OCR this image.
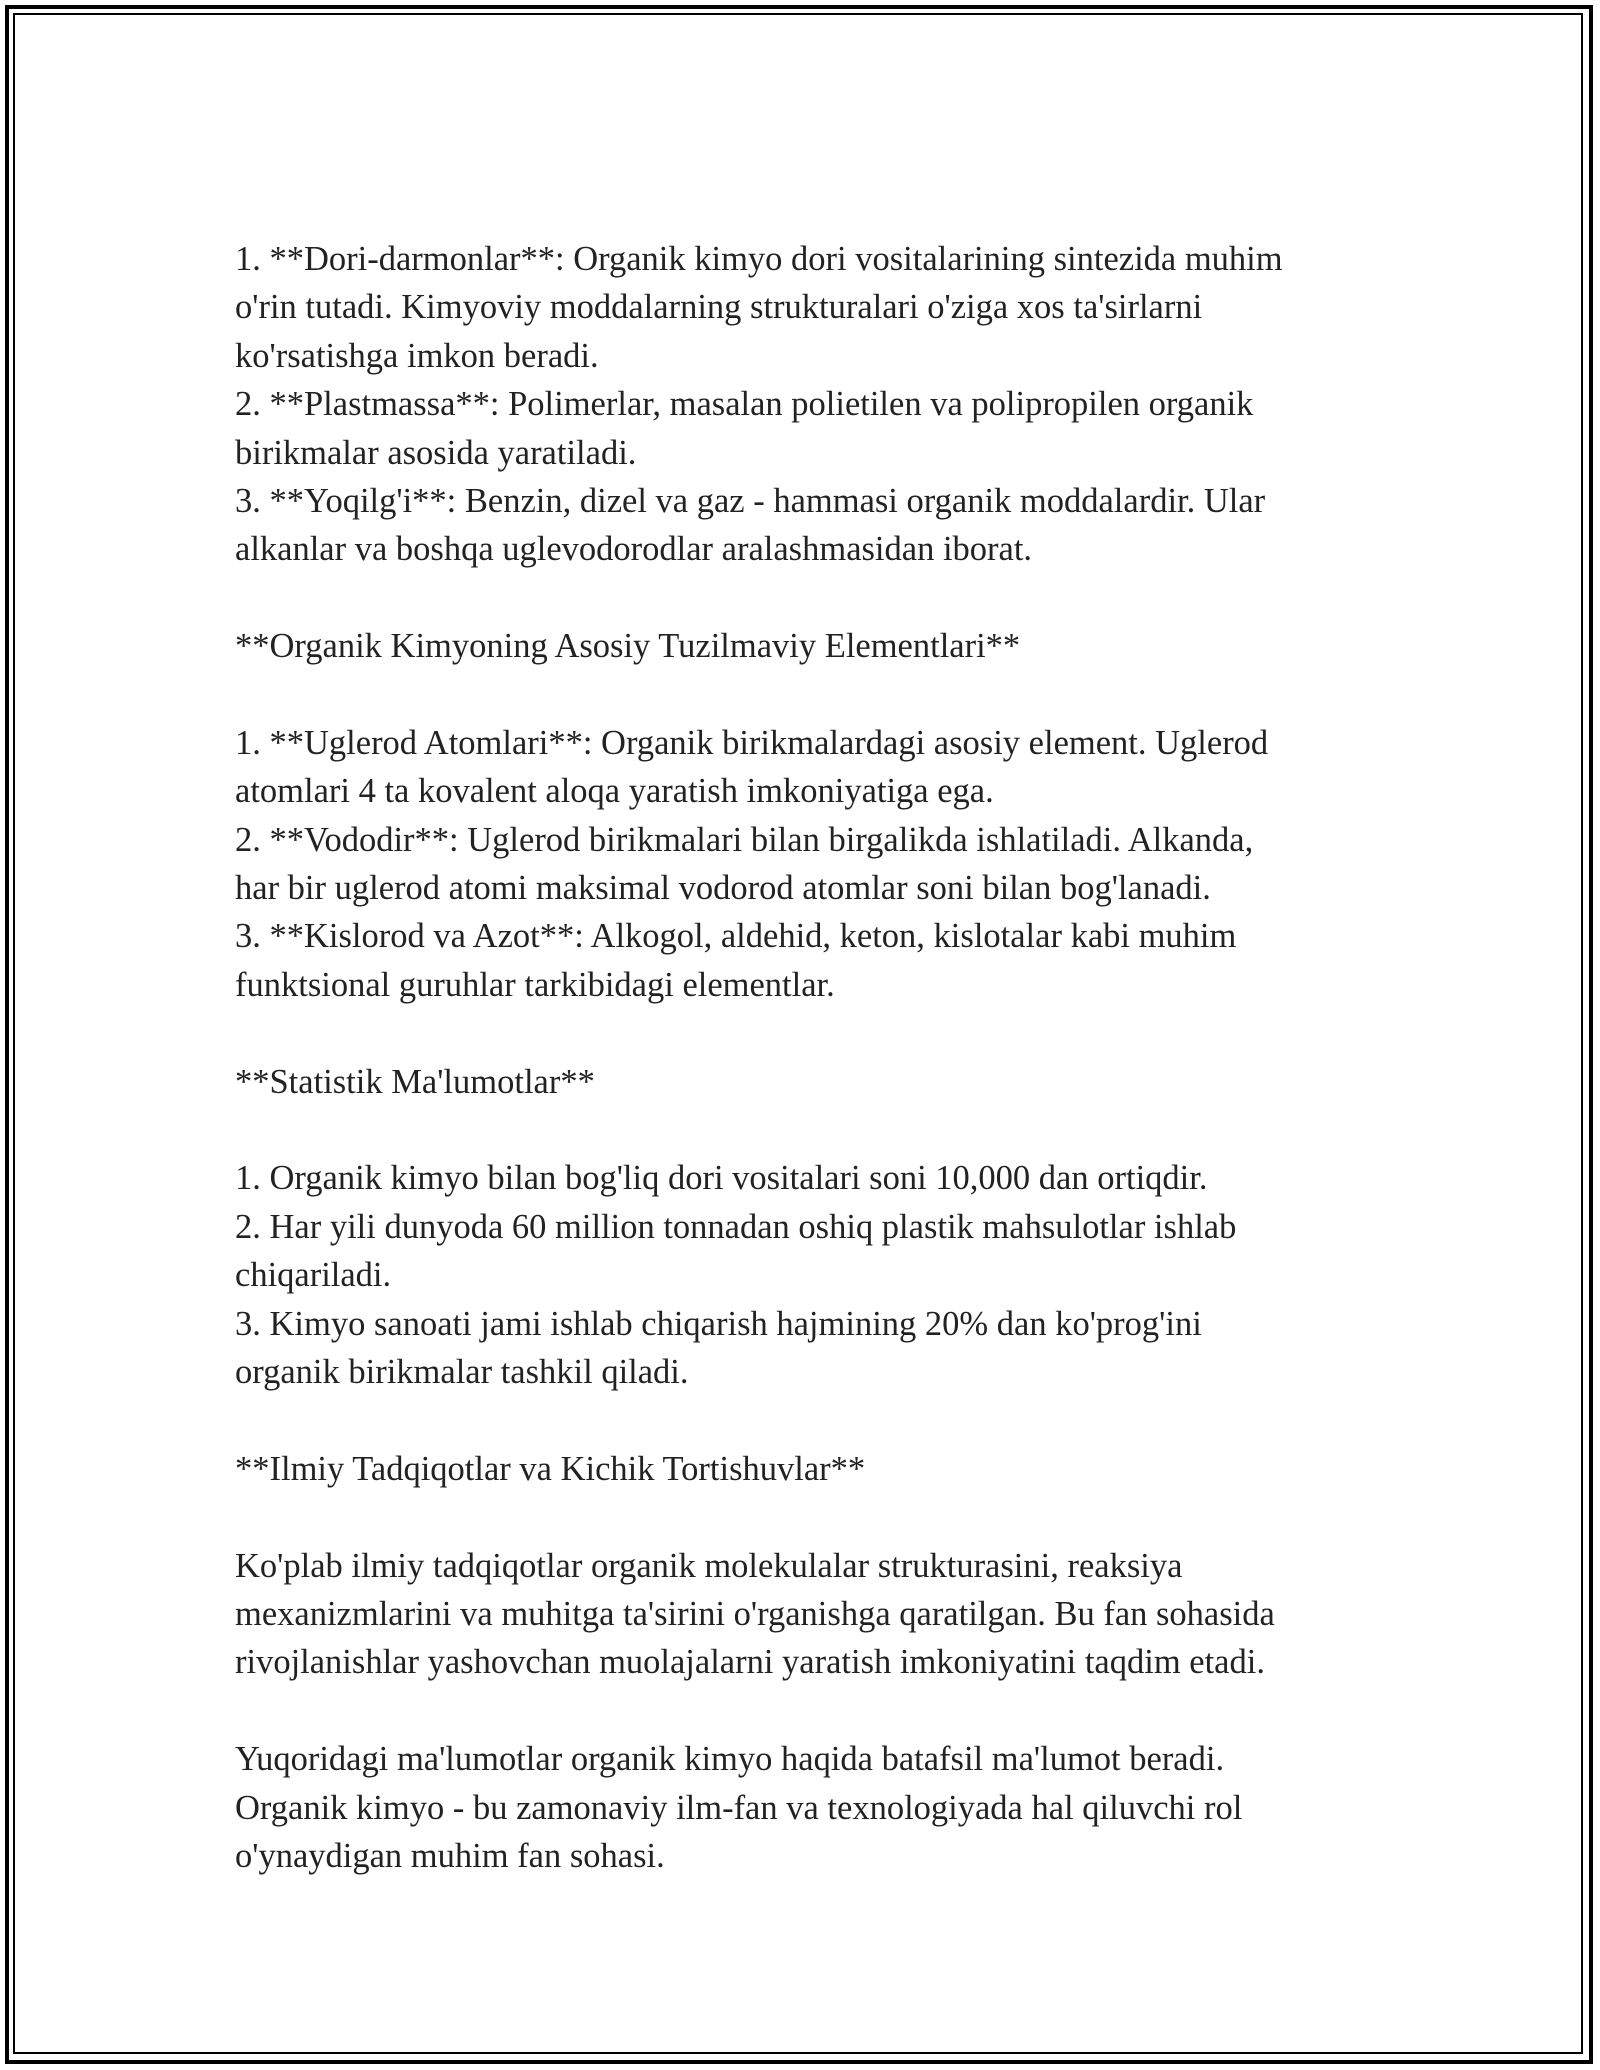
1. **Dori-darmonlar**: Organik kimyo dori vositalarining sintezida muhim

o'rin tutadi. Kimyoviy moddalarning strukturalari o'ziga xos ta'sirlarni

ko'rsatishga imkon beradi.

2. **Plastmassa**: Polimerlar, masalan polietilen va polipropilen organik

birikmalar asosida yaratiladi.

3. **Yoqilg'i**: Benzin, dizel va gaz - hammasi organik moddalardir. Ular

alkanlar va boshqa uglevodorodlar aralashmasidan iborat.

**Organik Kimyoning Asosiy Tuzilmaviy Elementlari**

1. **Uglerod Atomlari**: Organik birikmalardagi asosiy element. Uglerod

atomlari 4 ta kovalent aloqa yaratish imkoniyatiga ega.

2. **Vododir**: Uglerod birikmalari bilan birgalikda ishlatiladi. Alkanda,

har bir uglerod atomi maksimal vodorod atomlar soni bilan bog'lanadi.

3. **Kislorod va Azot**: Alkogol, aldehid, keton, kislotalar kabi muhim

funktsional guruhlar tarkibidagi elementlar.

**Statistik Ma'lumotlar**

1. Organik kimyo bilan bog'liq dori vositalari soni 10,000 dan ortiqdir.

2. Har yili dunyoda 60 million tonnadan oshiq plastik mahsulotlar ishlab

chiqariladi.

3. Kimyo sanoati jami ishlab chiqarish hajmining 20% dan ko'prog'ini

organik birikmalar tashkil qiladi.

**Ilmiy Tadqiqotlar va Kichik Tortishuvlar**

Ko'plab ilmiy tadqiqotlar organik molekulalar strukturasini, reaksiya

mexanizmlarini va muhitga ta'sirini o'rganishga qaratilgan. Bu fan sohasida

rivojlanishlar yashovchan muolajalarni yaratish imkoniyatini taqdim etadi.

Yuqoridagi ma'lumotlar organik kimyo haqida batafsil ma'lumot beradi.

Organik kimyo - bu zamonaviy ilm-fan va texnologiyada hal qiluvchi rol

o'ynaydigan muhim fan sohasi.
